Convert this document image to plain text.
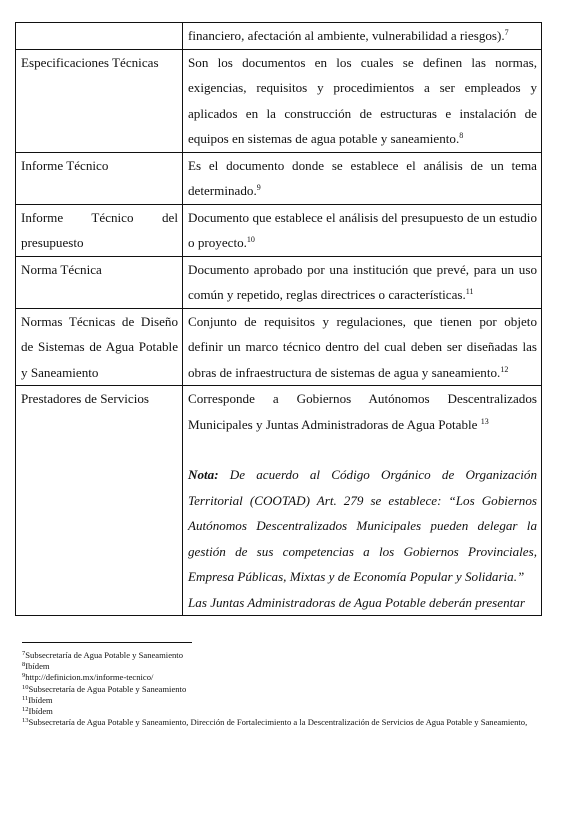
	financiero, afectación al ambiente, vulnerabilidad a riesgos).$^7$
Especificaciones Técnicas	Son los documentos en los cuales se definen las normas, exigencias, requisitos y procedimientos a ser empleados y aplicados en la construcción de estructuras e instalación de equipos en sistemas de agua potable y saneamiento.$^8$
Informe Técnico	Es el documento donde se establece el análisis de un tema determinado.$^9$
Informe Técnico del presupuesto	Documento que establece el análisis del presupuesto de un estudio o proyecto.$^{10}$
Norma Técnica	Documento aprobado por una institución que prevé, para un uso común y repetido, reglas directrices o características.$^{11}$
Normas Técnicas de Diseño de Sistemas de Agua Potable y Saneamiento	Conjunto de requisitos y regulaciones, que tienen por objeto definir un marco técnico dentro del cual deben ser diseñadas las obras de infraestructura de sistemas de agua y saneamiento.$^{12}$
Prestadores de Servicios	Corresponde a Gobiernos Autónomos Descentralizados Municipales y Juntas Administradoras de Agua Potable $^{13}$
Nota: De acuerdo al Código Orgánico de Organización Territorial (COOTAD) Art. 279 se establece: “Los Gobiernos Autónomos Descentralizados Municipales pueden delegar la gestión de sus competencias a los Gobiernos Provinciales, Empresa Públicas, Mixtas y de Economía Popular y Solidaria.”
Las Juntas Administradoras de Agua Potable deberán presentar
$^7$Subsecretaría de Agua Potable y Saneamiento
$^8$Ibídem
$^9$http://definicion.mx/informe-tecnico/
$^{10}$Subsecretaría de Agua Potable y Saneamiento
$^{11}$Ibídem
$^{12}$Ibídem
$^{13}$Subsecretaría de Agua Potable y Saneamiento, Dirección de Fortalecimiento a la Descentralización de Servicios de Agua Potable y Saneamiento,
